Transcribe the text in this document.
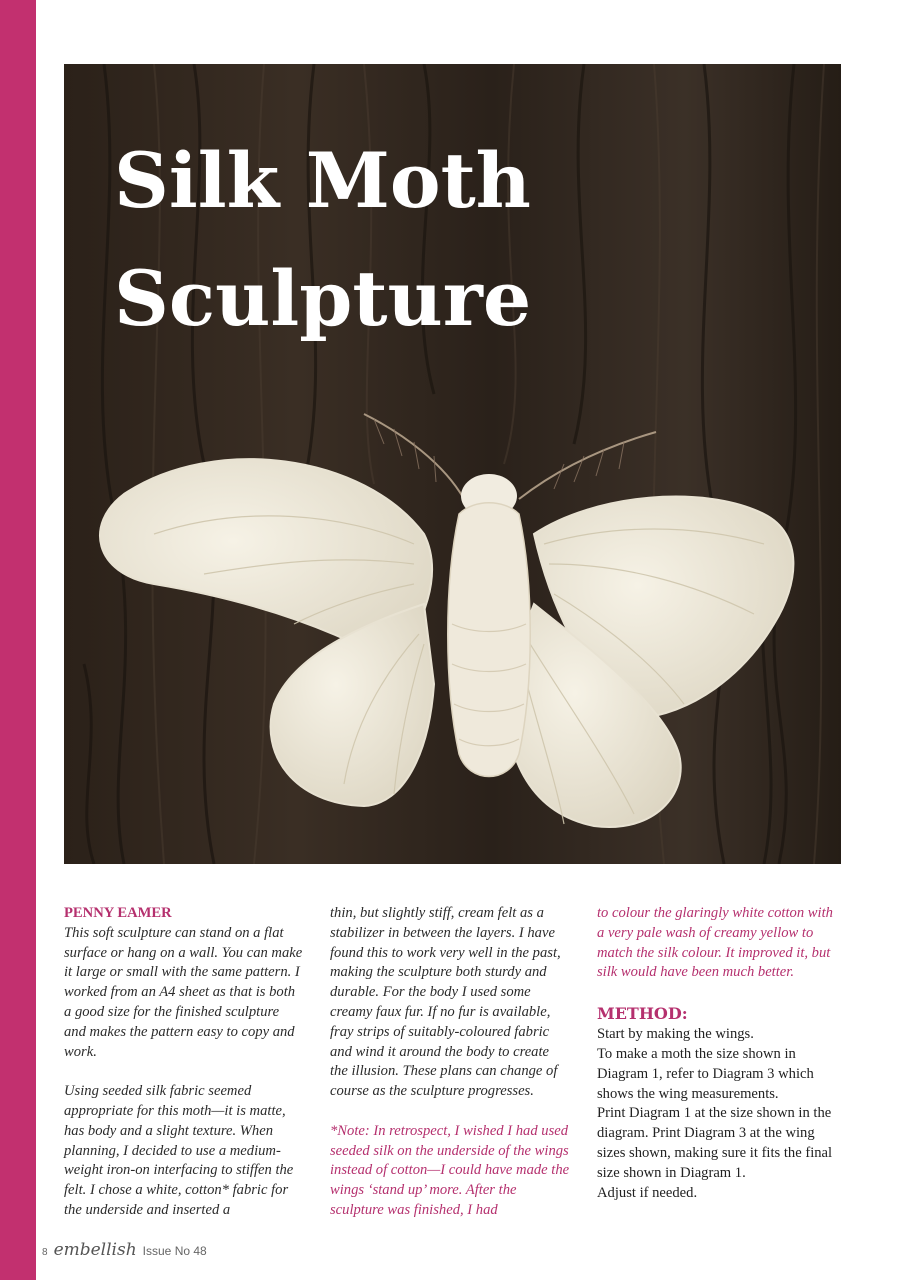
Silk Moth
Sculpture
PENNY EAMER

This soft sculpture can stand on a flat surface or hang on a wall. You can make it large or small with the same pattern. I worked from an A4 sheet as that is both a good size for the finished sculpture and makes the pattern easy to copy and work.

Using seeded silk fabric seemed appropriate for this moth—it is matte, has body and a slight texture. When planning, I decided to use a medium-weight iron-on interfacing to stiffen the felt. I chose a white, cotton* fabric for the underside and inserted a

thin, but slightly stiff, cream felt as a stabilizer in between the layers. I have found this to work very well in the past, making the sculpture both sturdy and durable. For the body I used some creamy faux fur. If no fur is available, fray strips of suitably-coloured fabric and wind it around the body to create the illusion. These plans can change of course as the sculpture progresses.

*Note: In retrospect, I wished I had used seeded silk on the underside of the wings instead of cotton—I could have made the wings ‘stand up’ more. After the sculpture was finished, I had

to colour the glaringly white cotton with a very pale wash of creamy yellow to match the silk colour. It improved it, but silk would have been much better.

METHOD:
Start by making the wings.
To make a moth the size shown in Diagram 1, refer to Diagram 3 which shows the wing measurements.
Print Diagram 1 at the size shown in the diagram. Print Diagram 3 at the wing sizes shown, making sure it fits the final size shown in Diagram 1.
Adjust if needed.
8 embellish Issue No 48
